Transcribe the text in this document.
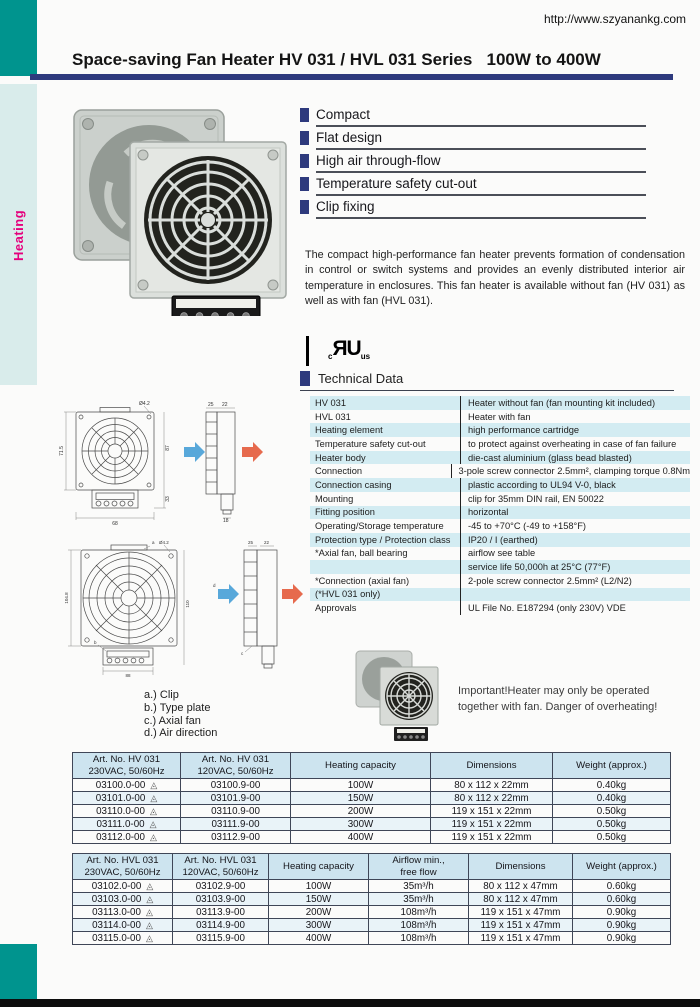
http://www.szyanankg.com
Space-saving Fan Heater HV 031 / HVL 031 Series   100W to 400W
Heating
Compact
Flat design
High air through-flow
Temperature safety cut-out
Clip fixing
The compact high-performance fan heater prevents formation of condensation in control or switch systems and provides an evenly distributed interior air temperature in enclosures. This fan heater is available without fan (HV 031) as well as with fan (HVL 031).
$_cЯU_{us}$
Technical Data
HV 031	Heater without fan (fan mounting kit included)
HVL 031	Heater with fan
Heating element	high performance cartridge
Temperature safety cut-out	to protect against overheating in case of fan failure
Heater body	die-cast aluminium (glass bead blasted)
Connection	3-pole screw connector 2.5mm², clamping torque 0.8Nm
Connection casing	plastic according to UL94 V-0, black
Mounting	clip for 35mm DIN rail, EN 50022
Fitting position	horizontal
Operating/Storage temperature	-45 to +70°C (-49 to +158°F)
Protection type / Protection class	IP20 / I (earthed)
*Axial fan, ball bearing	airflow see table
service life 50,000h at 25°C (77°F)
*Connection (axial fan)	2-pole screw connector 2.5mm² (L2/N2)
(*HVL 031 only)
Approvals	UL File No. E187294 (only 230V) VDE
71.5	87
33
68
Ø4.2	25 22
18
104.8
110
88
Ø4.2	25 22
a
b
c
d
a.) Clip
b.) Type plate
c.) Axial fan
d.) Air direction
Important!Heater may only be operated together with fan. Danger of overheating!
Art. No. HV 031
230VAC, 50/60Hz	Art. No. HV 031
120VAC, 50/60Hz	Heating capacity	Dimensions	Weight (approx.)
03100.0-00 ◬	03100.9-00	100W	80 x 112 x 22mm	0.40kg
03101.0-00 ◬	03101.9-00	150W	80 x 112 x 22mm	0.40kg
03110.0-00 ◬	03110.9-00	200W	119 x 151 x 22mm	0.50kg
03111.0-00 ◬	03111.9-00	300W	119 x 151 x 22mm	0.50kg
03112.0-00 ◬	03112.9-00	400W	119 x 151 x 22mm	0.50kg
Art. No. HVL 031
230VAC, 50/60Hz	Art. No. HVL 031
120VAC, 50/60Hz	Heating capacity	Airflow min.,
free flow	Dimensions	Weight (approx.)
03102.0-00 ◬	03102.9-00	100W	35m³/h	80 x 112 x 47mm	0.60kg
03103.0-00 ◬	03103.9-00	150W	35m³/h	80 x 112 x 47mm	0.60kg
03113.0-00 ◬	03113.9-00	200W	108m³/h	119 x 151 x 47mm	0.90kg
03114.0-00 ◬	03114.9-00	300W	108m³/h	119 x 151 x 47mm	0.90kg
03115.0-00 ◬	03115.9-00	400W	108m³/h	119 x 151 x 47mm	0.90kg
